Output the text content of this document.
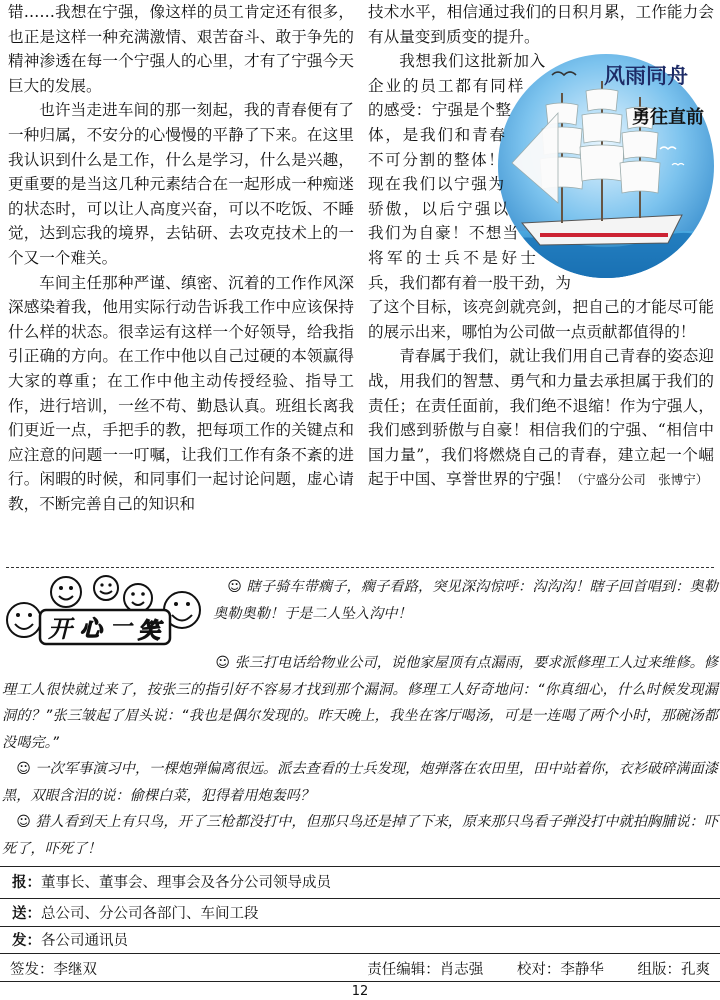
错……我想在宁强，像这样的员工肯定还有很多，也正是这样一种充满激情、艰苦奋斗、敢于争先的精神渗透在每一个宁强人的心里，才有了宁强今天巨大的发展。

也许当走进车间的那一刻起，我的青春便有了一种归属，不安分的心慢慢的平静了下来。在这里我认识到什么是工作，什么是学习，什么是兴趣，更重要的是当这几种元素结合在一起形成一种痴迷的状态时，可以让人高度兴奋，可以不吃饭、不睡觉，达到忘我的境界，去钻研、去攻克技术上的一个又一个难关。

车间主任那种严谨、缜密、沉着的工作作风深深感染着我，他用实际行动告诉我工作中应该保持什么样的状态。很幸运有这样一个好领导，给我指引正确的方向。在工作中他以自己过硬的本领赢得大家的尊重；在工作中他主动传授经验、指导工作，进行培训，一丝不苟、勤恳认真。班组长离我们更近一点，手把手的教，把每项工作的关键点和应注意的问题一一叮嘱，让我们工作有条不紊的进行。闲暇的时候，和同事们一起讨论问题，虚心请教，不断完善自己的知识和

技术水平，相信通过我们的日积月累，工作能力会有从量变到质变的提升。

风雨同舟
勇往直前

我想我们这批新加入企业的员工都有同样的感受：宁强是个整体，是我们和青春不可分割的整体！现在我们以宁强为骄傲，以后宁强以我们为自豪！不想当将军的士兵不是好士兵，我们都有着一股干劲，为了这个目标，该亮剑就亮剑，把自己的才能尽可能的展示出来，哪怕为公司做一点贡献都值得的！

青春属于我们，就让我们用自己青春的姿态迎战，用我们的智慧、勇气和力量去承担属于我们的责任；在责任面前，我们绝不退缩！作为宁强人，我们感到骄傲与自豪！相信我们的宁强、“相信中国力量”，我们将燃烧自己的青春，建立起一个崛起于中国、享誉世界的宁强！（宁盛分公司　张博宁）

开 心 一 笑

　☺ 瞎子骑车带瘸子，瘸子看路，突见深沟惊呼：沟沟沟！瞎子回首唱到：奥勒奥勒奥勒！于是二人坠入沟中！

　　　　　　　　　　　　　　　☺ 张三打电话给物业公司，说他家屋顶有点漏雨，要求派修理工人过来维修。修理工人很快就过来了，按张三的指引好不容易才找到那个漏洞。修理工人好奇地问：“你真细心，什么时候发现漏洞的？”张三皱起了眉头说：“我也是偶尔发现的。昨天晚上，我坐在客厅喝汤，可是一连喝了两个小时，那碗汤都没喝完。”

　☺ 一次军事演习中，一棵炮弹偏离很远。派去查看的士兵发现，炮弹落在农田里，田中站着你，衣衫破碎满面漆黑，双眼含泪的说：偷棵白菜，犯得着用炮轰吗？

　☺ 猎人看到天上有只鸟，开了三枪都没打中，但那只鸟还是掉了下来，原来那只鸟看子弹没打中就拍胸脯说：吓死了，吓死了！

报：董事长、董事会、理事会及各分公司领导成员
送：总公司、分公司各部门、车间工段
发：各公司通讯员
签发：李继双	责任编辑：肖志强　　 校对：李静华　　 组版：孔爽
12
